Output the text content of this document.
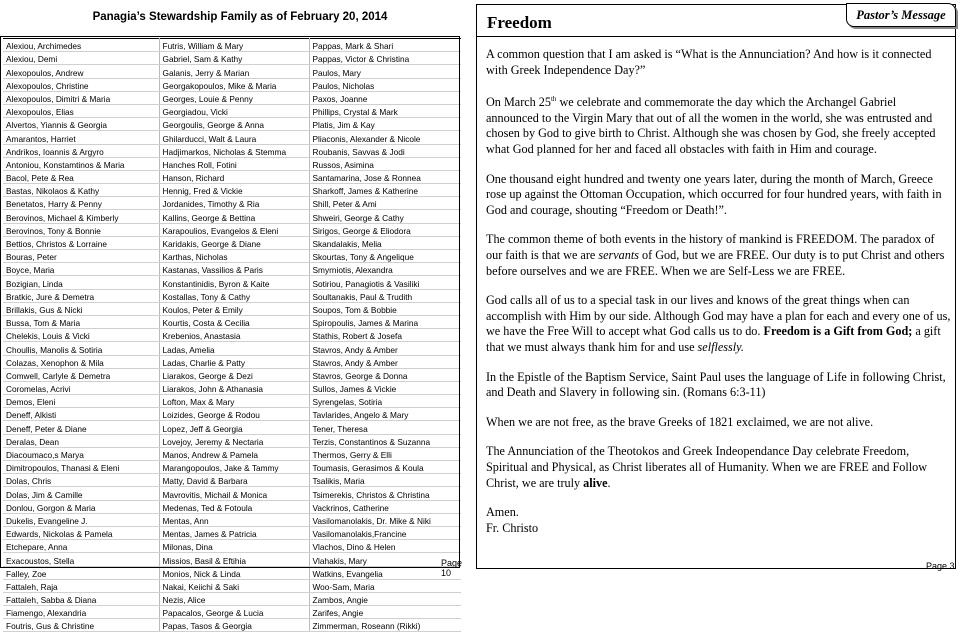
Panagia’s Stewardship Family as of February 20, 2014
Alexiou, Archimedes	Futris, William & Mary	Pappas, Mark & Shari
Alexiou, Demi	Gabriel, Sam & Kathy	Pappas, Victor & Christina
Alexopoulos, Andrew	Galanis, Jerry & Marian	Paulos, Mary
Alexopoulos, Christine	Georgakopoulos, Mike & Maria	Paulos, Nicholas
Alexopoulos, Dimitri & Maria	Georges, Louie & Penny	Paxos, Joanne
Alexopoulos, Elias	Georgiadou, Vicki	Phillips, Crystal & Mark
Alvertos, Yiannis & Georgia	Georgoulis, George & Anna	Platis, Jim & Kay
Amarantos, Harriet	Ghilarducci, Walt & Laura	Pliaconis, Alexander & Nicole
Andrikos, Ioannis & Argyro	Hadjimarkos, Nicholas & Stemma	Roubanis, Savvas & Jodi
Antoniou, Konstamtinos & Maria	Hanches Roll, Fotini	Russos, Asimina
Bacol, Pete & Rea	Hanson, Richard	Santamarina, Jose & Ronnea
Bastas, Nikolaos & Kathy	Hennig, Fred & Vickie	Sharkoff, James & Katherine
Benetatos, Harry & Penny	Jordanides, Timothy & Ria	Shill, Peter & Ami
Berovinos, Michael & Kimberly	Kallins, George & Bettina	Shweiri, George & Cathy
Berovinos, Tony & Bonnie	Karapoulios, Evangelos & Eleni	Sirigos, George & Eliodora
Bettios, Christos & Lorraine	Karidakis, George & Diane	Skandalakis, Melia
Bouras, Peter	Karthas, Nicholas	Skourtas, Tony & Angelique
Boyce, Maria	Kastanas, Vassilios & Paris	Smyrniotis, Alexandra
Bozigian, Linda	Konstantinidis, Byron & Kaite	Sotiriou, Panagiotis & Vasiliki
Bratkic, Jure & Demetra	Kostallas, Tony & Cathy	Soultanakis, Paul & Trudith
Brillakis, Gus & Nicki	Koulos, Peter & Emily	Soupos, Tom & Bobbie
Bussa, Tom & Maria	Kourtis, Costa & Cecilia	Spiropoulis, James & Marina
Chelekis, Louis & Vicki	Krebenios, Anastasia	Stathis, Robert & Josefa
Choullis, Manolis & Sotiria	Ladas, Amelia	Stavros, Andy & Amber
Colazas, Xenophon & Mila	Ladas, Charlie & Patty	Stavros, Andy & Amber
Comwell, Carlyle & Demetra	Liarakos, George & Dezi	Stavros, George & Donna
Coromelas, Acrivi	Liarakos, John & Athanasia	Sullos, James & Vickie
Demos, Eleni	Lofton, Max & Mary	Syrengelas, Sotiria
Deneff, Alkisti	Loizides, George & Rodou	Tavlarides, Angelo & Mary
Deneff, Peter & Diane	Lopez, Jeff & Georgia	Tener, Theresa
Deralas, Dean	Lovejoy, Jeremy & Nectaria	Terzis, Constantinos & Suzanna
Diacoumaco,s Marya	Manos, Andrew & Pamela	Thermos, Gerry & Elli
Dimitropoulos, Thanasi & Eleni	Marangopoulos, Jake & Tammy	Toumasis, Gerasimos & Koula
Dolas, Chris	Matty, David & Barbara	Tsalikis, Maria
Dolas, Jim & Camille	Mavrovitis, Michail & Monica	Tsimerekis, Christos & Christina
Donlou, Gorgon & Maria	Medenas, Ted & Fotoula	Vackrinos, Catherine
Dukelis, Evangeline J.	Mentas, Ann	Vasilomanolakis, Dr. Mike & Niki
Edwards, Nickolas & Pamela	Mentas, James & Patricia	Vasilomanolakis,Francine
Etchepare, Anna	Milonas, Dina	Vlachos, Dino & Helen
Exacoustos, Stella	Missios, Basil & Eftihia	Vlahakis, Mary
Falley, Zoe	Monios, Nick & Linda	Watkins, Evangelia
Fattaleh, Raja	Nakai, Keiichi & Saki	Woo-Sam, Maria
Fattaleh, Sabba & Diana	Nezis, Alice	Zambos, Angie
Fiamengo, Alexandria	Papacalos, George & Lucia	Zarifes, Angie
Foutris, Gus & Christine	Papas, Tasos & Georgia	Zimmerman, Roseann (Rikki)
Page 10
Freedom	Pastor’s Message

A common question that I am asked is “What is the Annunciation? And how is it connected with Greek Independence Day?”

On March 25th we celebrate and commemorate the day which the Archangel Gabriel announced to the Virgin Mary that out of all the women in the world, she was entrusted and chosen by God to give birth to Christ. Although she was chosen by God, she freely accepted what God planned for her and faced all obstacles with faith in Him and courage.

One thousand eight hundred and twenty one years later, during the month of March, Greece rose up against the Ottoman Occupation, which occurred for four hundred years, with faith in God and courage, shouting “Freedom or Death!”.

The common theme of both events in the history of mankind is FREEDOM. The paradox of our faith is that we are servants of God, but we are FREE. Our duty is to put Christ and others before ourselves and we are FREE. When we are Self-Less we are FREE.

God calls all of us to a special task in our lives and knows of the great things when can accomplish with Him by our side. Although God may have a plan for each and every one of us, we have the Free Will to accept what God calls us to do. Freedom is a Gift from God; a gift that we must always thank him for and use selflessly.

In the Epistle of the Baptism Service, Saint Paul uses the language of Life in following Christ, and Death and Slavery in following sin. (Romans 6:3-11)

When we are not free, as the brave Greeks of 1821 exclaimed, we are not alive.

The Annunciation of the Theotokos and Greek Indeopendance Day celebrate Freedom, Spiritual and Physical, as Christ liberates all of Humanity. When we are FREE and Follow Christ, we are truly alive.

Amen.

Fr. Christo

Page 3
